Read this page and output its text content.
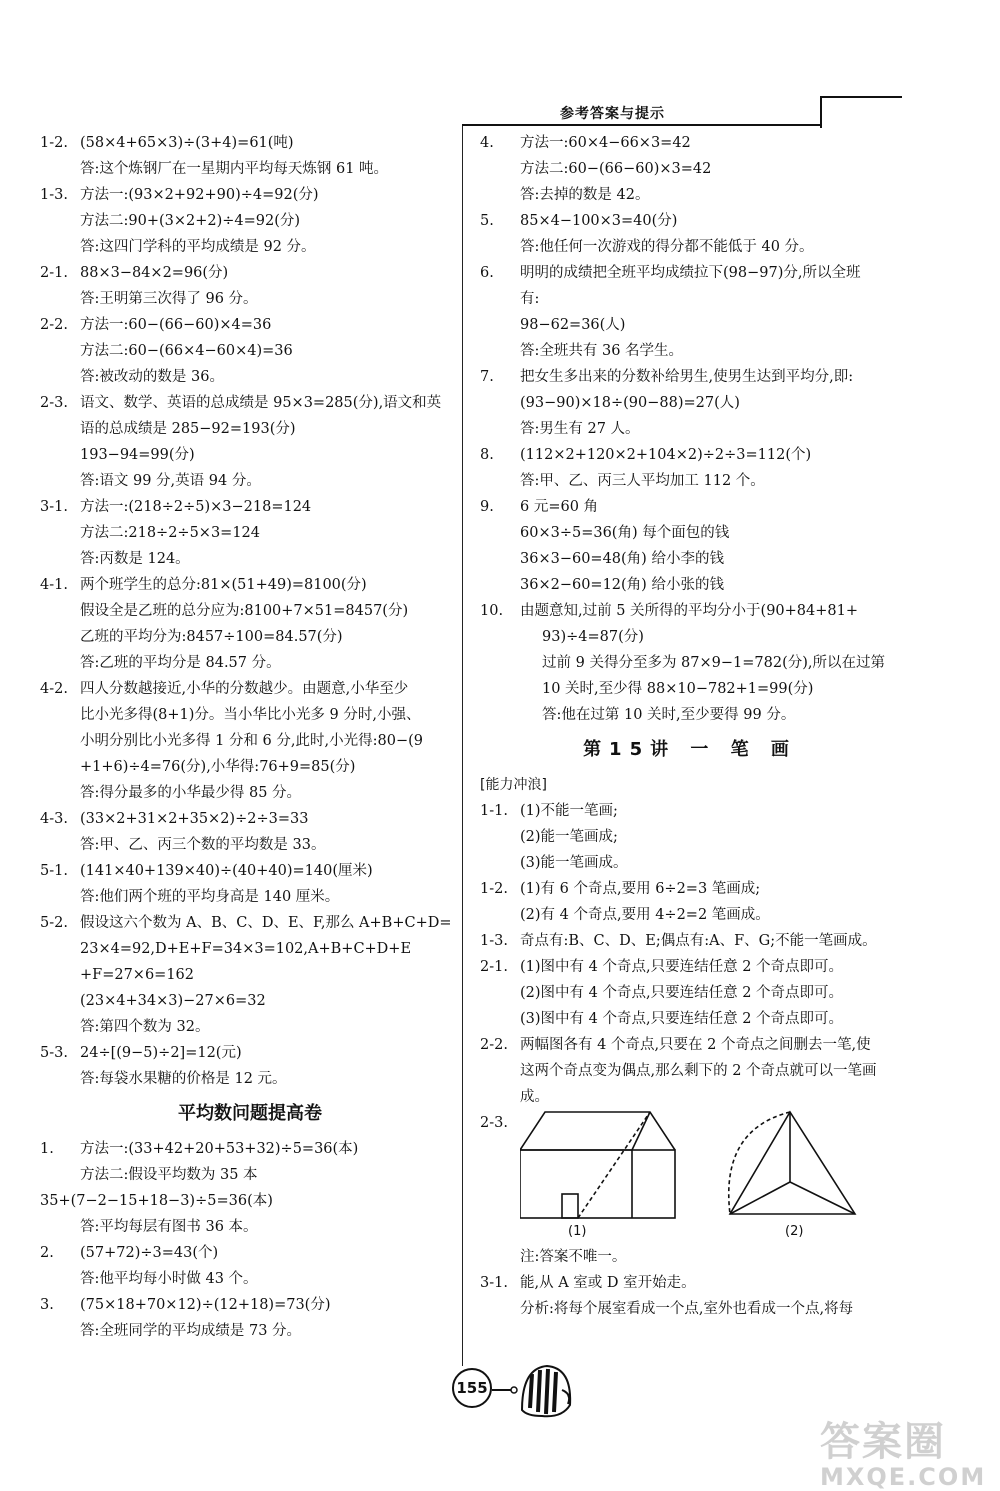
参考答案与提示
1-2. (58×4+65×3)÷(3+4)=61(吨)
答:这个炼钢厂在一星期内平均每天炼钢 61 吨。
1-3. 方法一:(93×2+92+90)÷4=92(分)
方法二:90+(3×2+2)÷4=92(分)
答:这四门学科的平均成绩是 92 分。
2-1. 88×3−84×2=96(分)
答:王明第三次得了 96 分。
2-2. 方法一:60−(66−60)×4=36
方法二:60−(66×4−60×4)=36
答:被改动的数是 36。
2-3. 语文、数学、英语的总成绩是 95×3=285(分),语文和英
语的总成绩是 285−92=193(分)
193−94=99(分)
答:语文 99 分,英语 94 分。
3-1. 方法一:(218÷2÷5)×3−218=124
方法二:218÷2÷5×3=124
答:丙数是 124。
4-1. 两个班学生的总分:81×(51+49)=8100(分)
假设全是乙班的总分应为:8100+7×51=8457(分)
乙班的平均分为:8457÷100=84.57(分)
答:乙班的平均分是 84.57 分。
4-2. 四人分数越接近,小华的分数越少。由题意,小华至少
比小光多得(8+1)分。当小华比小光多 9 分时,小强、
小明分别比小光多得 1 分和 6 分,此时,小光得:80−(9
+1+6)÷4=76(分),小华得:76+9=85(分)
答:得分最多的小华最少得 85 分。
4-3. (33×2+31×2+35×2)÷2÷3=33
答:甲、乙、丙三个数的平均数是 33。
5-1. (141×40+139×40)÷(40+40)=140(厘米)
答:他们两个班的平均身高是 140 厘米。
5-2. 假设这六个数为 A、B、C、D、E、F,那么 A+B+C+D=
23×4=92,D+E+F=34×3=102,A+B+C+D+E
+F=27×6=162
(23×4+34×3)−27×6=32
答:第四个数为 32。
5-3. 24÷[(9−5)÷2]=12(元)
答:每袋水果糖的价格是 12 元。
平均数问题提高卷
1. 方法一:(33+42+20+53+32)÷5=36(本)
方法二:假设平均数为 35 本
35+(7−2−15+18−3)÷5=36(本)
答:平均每层有图书 36 本。
2. (57+72)÷3=43(个)
答:他平均每小时做 43 个。
3. (75×18+70×12)÷(12+18)=73(分)
答:全班同学的平均成绩是 73 分。
4. 方法一:60×4−66×3=42
方法二:60−(66−60)×3=42
答:去掉的数是 42。
5. 85×4−100×3=40(分)
答:他任何一次游戏的得分都不能低于 40 分。
6. 明明的成绩把全班平均成绩拉下(98−97)分,所以全班
有:
98−62=36(人)
答:全班共有 36 名学生。
7. 把女生多出来的分数补给男生,使男生达到平均分,即:
(93−90)×18÷(90−88)=27(人)
答:男生有 27 人。
8. (112×2+120×2+104×2)÷2÷3=112(个)
答:甲、乙、丙三人平均加工 112 个。
9. 6 元=60 角
60×3÷5=36(角) 每个面包的钱
36×3−60=48(角) 给小李的钱
36×2−60=12(角) 给小张的钱
10. 由题意知,过前 5 关所得的平均分小于(90+84+81+
93)÷4=87(分)
过前 9 关得分至多为 87×9−1=782(分),所以在过第
10 关时,至少得 88×10−782+1=99(分)
答:他在过第 10 关时,至少要得 99 分。
第15讲 一 笔 画
[能力冲浪]
1-1. (1)不能一笔画;
(2)能一笔画成;
(3)能一笔画成。
1-2. (1)有 6 个奇点,要用 6÷2=3 笔画成;
(2)有 4 个奇点,要用 4÷2=2 笔画成。
1-3. 奇点有:B、C、D、E;偶点有:A、F、G;不能一笔画成。
2-1. (1)图中有 4 个奇点,只要连结任意 2 个奇点即可。
(2)图中有 4 个奇点,只要连结任意 2 个奇点即可。
(3)图中有 4 个奇点,只要连结任意 2 个奇点即可。
2-2. 两幅图各有 4 个奇点,只要在 2 个奇点之间删去一笔,使
这两个奇点变为偶点,那么剩下的 2 个奇点就可以一笔画
成。
2-3.
(1)	(2)
注:答案不唯一。
3-1. 能,从 A 室或 D 室开始走。
分析:将每个展室看成一个点,室外也看成一个点,将每
155
答案圈
MXQE.COM
